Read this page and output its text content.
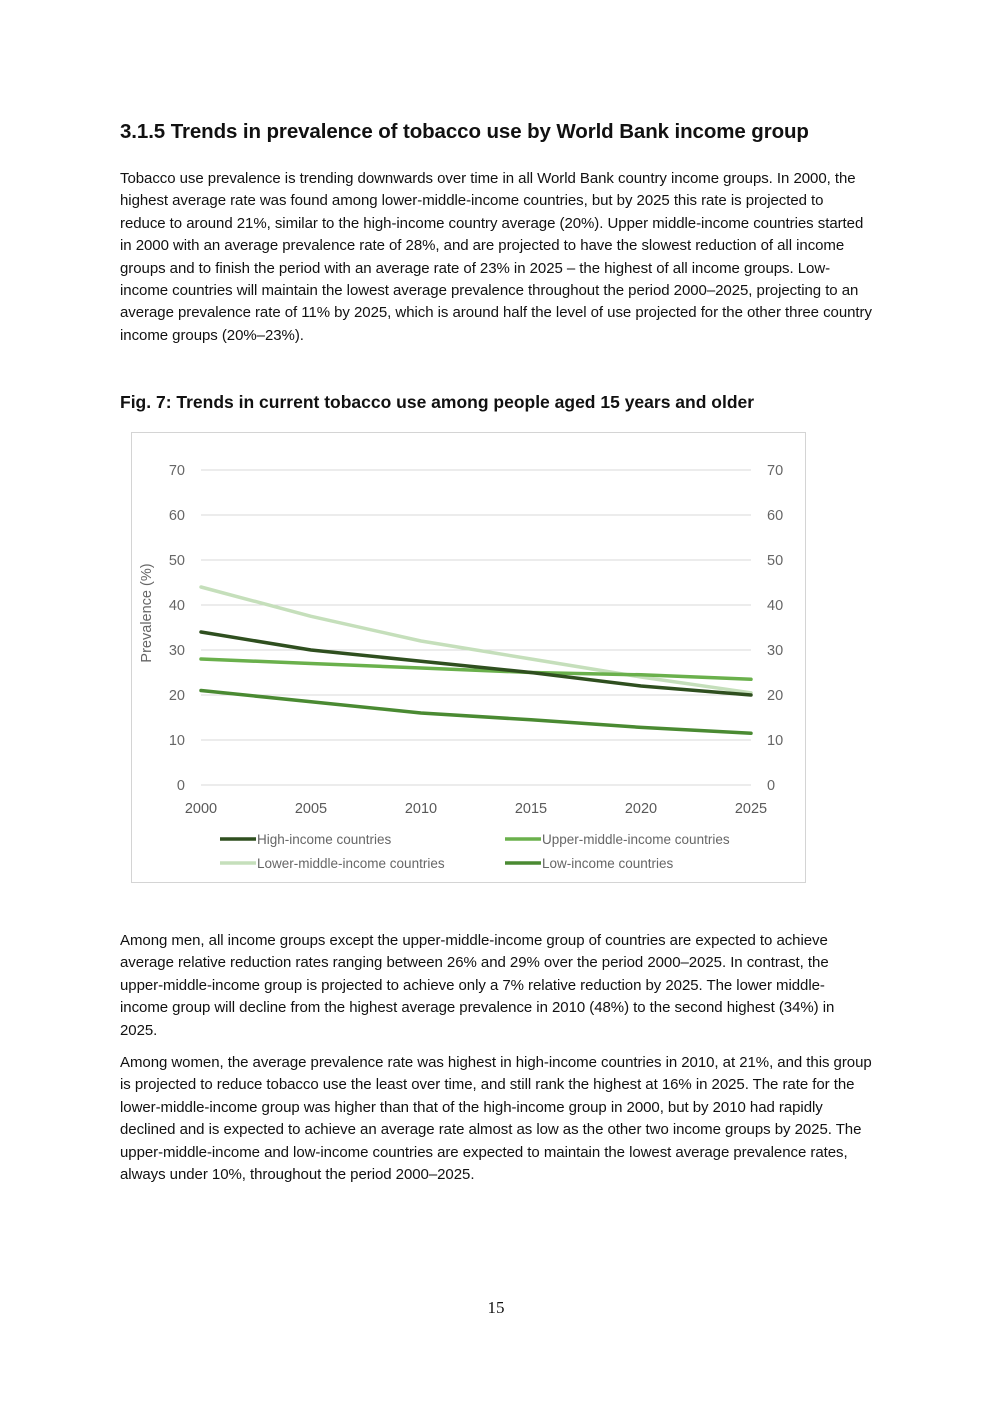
3.1.5 Trends in prevalence of tobacco use by World Bank income group

Tobacco use prevalence is trending downwards over time in all World Bank country income groups. In 2000, the highest average rate was found among lower-middle-income countries, but by 2025 this rate is projected to reduce to around 21%, similar to the high-income country average (20%). Upper middle-income countries started in 2000 with an average prevalence rate of 28%, and are projected to have the slowest reduction of all income groups and to finish the period with an average rate of 23% in 2025 – the highest of all income groups. Low-income countries will maintain the lowest average prevalence throughout the period 2000–2025, projecting to an average prevalence rate of 11% by 2025, which is around half the level of use projected for the other three country income groups (20%–23%).

Fig. 7: Trends in current tobacco use among people aged 15 years and older

0	0
10	10
20	20
30	30
40	40
50	50
60	60
70	70
2000	2005	2010	2015	2020	2025
Prevalence (%)
High-income countries	Upper-middle-income countries
Lower-middle-income countries	Low-income countries

Among men, all income groups except the upper-middle-income group of countries are expected to achieve average relative reduction rates ranging between 26% and 29% over the period 2000–2025. In contrast, the upper-middle-income group is projected to achieve only a 7% relative reduction by 2025. The lower middle-income group will decline from the highest average prevalence in 2010 (48%) to the second highest (34%) in 2025.

Among women, the average prevalence rate was highest in high-income countries in 2010, at 21%, and this group is projected to reduce tobacco use the least over time, and still rank the highest at 16% in 2025. The rate for the lower-middle-income group was higher than that of the high-income group in 2000, but by 2010 had rapidly declined and is expected to achieve an average rate almost as low as the other two income groups by 2025. The upper-middle-income and low-income countries are expected to maintain the lowest average prevalence rates, always under 10%, throughout the period 2000–2025.

15
